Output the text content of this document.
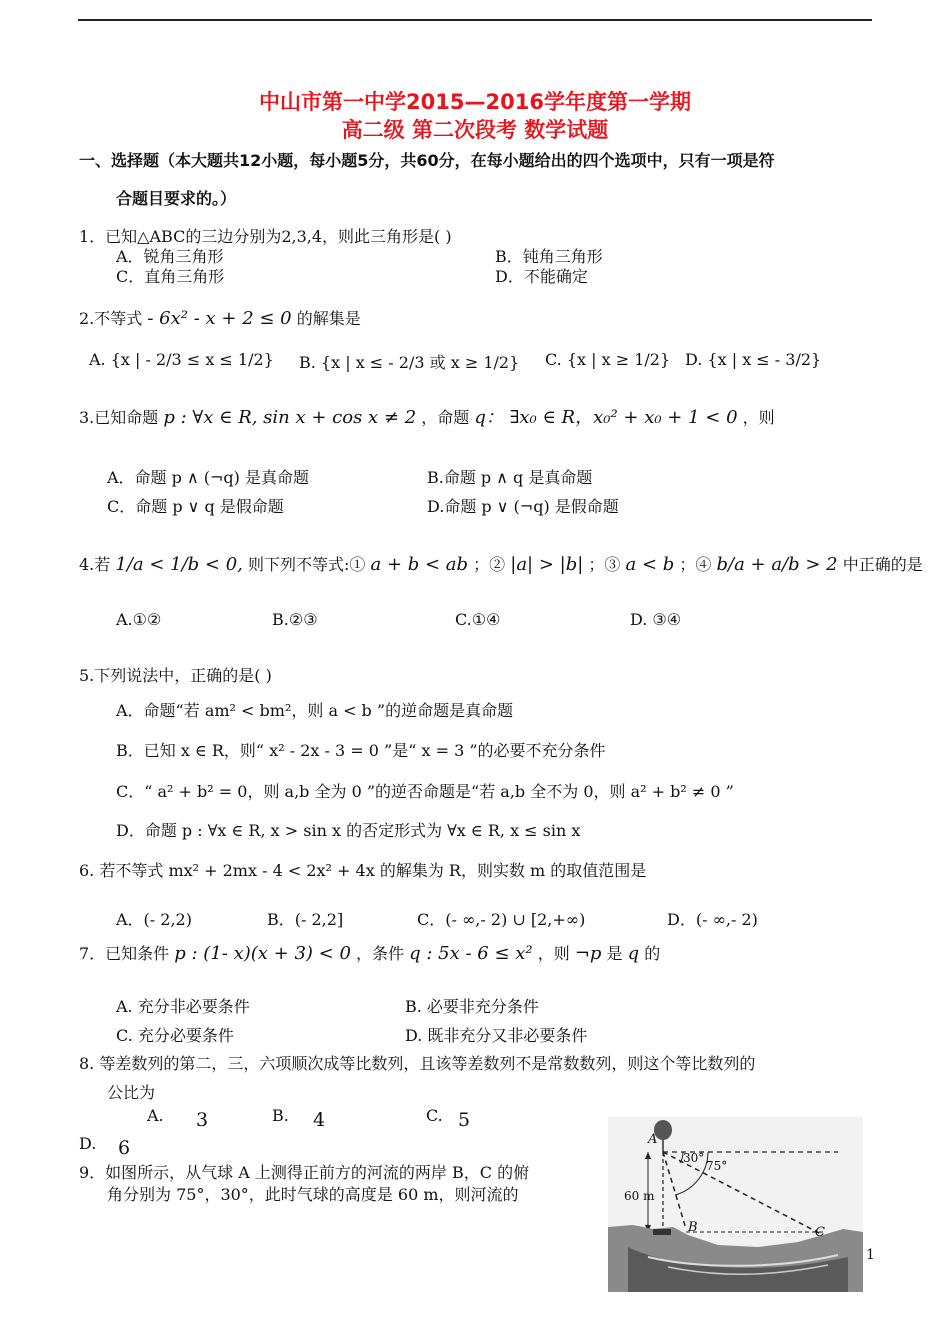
中山市第一中学2015—2016学年度第一学期
高二级 第二次段考 数学试题
一、选择题（本大题共12小题，每小题5分，共60分，在每小题给出的四个选项中，只有一项是符
合题目要求的。）
1．已知△ABC的三边分别为2,3,4，则此三角形是( )
A．锐角三角形	B．钝角三角形
C．直角三角形	D．不能确定
2.不等式 - 6x² - x + 2 ≤ 0 的解集是
A. {x | - 2/3 ≤ x ≤ 1/2} B. {x | x ≤ - 2/3 或 x ≥ 1/2} C. {x | x ≥ 1/2} D. {x | x ≤ - 3/2}
3.已知命题 p : ∀x ∈ R, sin x + cos x ≠ 2 ，命题 q： ∃x₀ ∈ R，x₀² + x₀ + 1 < 0 ，则
A．命题 p ∧ (¬q) 是真命题	B.命题 p ∧ q 是真命题
C．命题 p ∨ q 是假命题	D.命题 p ∨ (¬q) 是假命题
4.若 1/a < 1/b < 0, 则下列不等式:① a + b < ab ；② |a| > |b| ；③ a < b ；④ b/a + a/b > 2 中正确的是
A.①②	B.②③	C.①④	D. ③④
5.下列说法中，正确的是( )
A．命题“若 am² < bm²，则 a < b ”的逆命题是真命题
B．已知 x ∈ R，则“ x² - 2x - 3 = 0 ”是“ x = 3 ”的必要不充分条件
C．“ a² + b² = 0，则 a,b 全为 0 ”的逆否命题是“若 a,b 全不为 0，则 a² + b² ≠ 0 ”
D．命题 p : ∀x ∈ R, x > sin x 的否定形式为 ∀x ∈ R, x ≤ sin x
6. 若不等式 mx² + 2mx - 4 < 2x² + 4x 的解集为 R，则实数 m 的取值范围是
A．(- 2,2)	B．(- 2,2]	C．(- ∞,- 2) ∪ [2,+∞)	D．(- ∞,- 2)
7．已知条件 p : (1- x)(x + 3) < 0 ，条件 q : 5x - 6 ≤ x² ，则 ¬p 是 q 的
A. 充分非必要条件	B. 必要非充分条件
C. 充分必要条件	D. 既非充分又非必要条件
8. 等差数列的第二，三，六项顺次成等比数列，且该等差数列不是常数数列，则这个等比数列的
公比为
A. 3	B. 4	C. 5
D. 6
9．如图所示，从气球 A 上测得正前方的河流的两岸 B，C 的俯
角分别为 75°，30°，此时气球的高度是 60 m，则河流的
A
B	C
30°
75°
60 m
1
